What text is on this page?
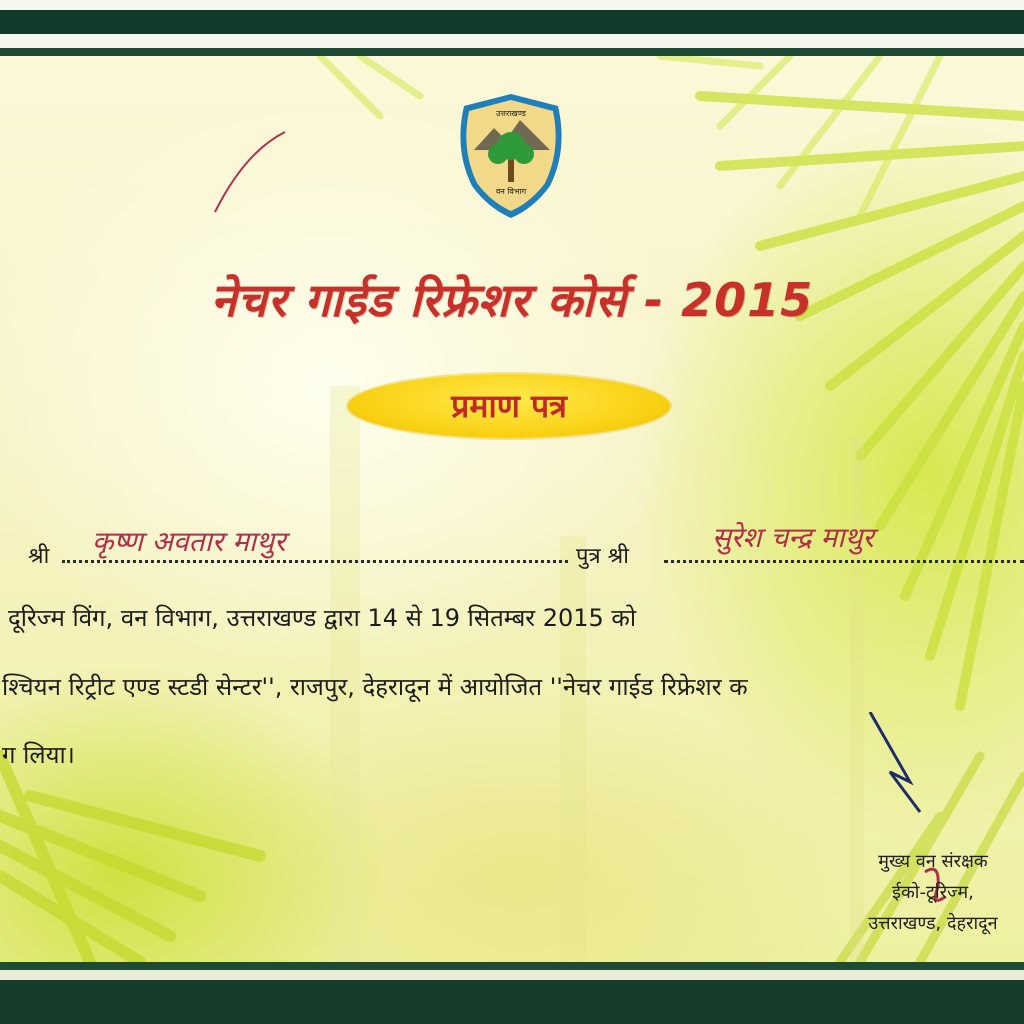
उत्तराखण्ड
वन विभाग
नेचर गाईड रिफ्रेशर कोर्स - 2015
प्रमाण पत्र
श्री कृष्ण अवतार माथुर	पुत्र श्री
सुरेश चन्द्र माथुर
दूरिज्म विंग, वन विभाग, उत्तराखण्ड द्वारा 14 से 19 सितम्बर 2015 को
श्चियन रिट्रीट एण्ड स्टडी सेन्टर'', राजपुर, देहरादून में आयोजित ''नेचर गाईड रिफ्रेशर क
ग लिया।
मुख्य वन संरक्षक
ईको-टूरिज्म,
उत्तराखण्ड, देहरादून
